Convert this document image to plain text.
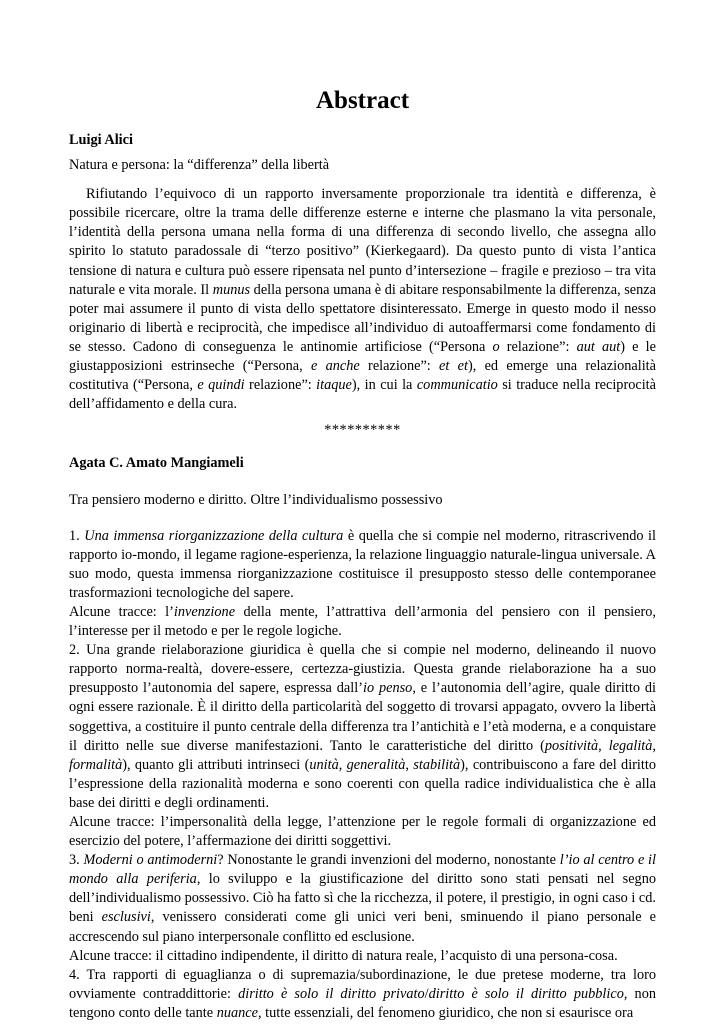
Abstract
Luigi Alici
Natura e persona: la “differenza” della libertà

Rifiutando l’equivoco di un rapporto inversamente proporzionale tra identità e differenza, è possibile ricercare, oltre la trama delle differenze esterne e interne che plasmano la vita personale, l’identità della persona umana nella forma di una differenza di secondo livello, che assegna allo spirito lo statuto paradossale di “terzo positivo” (Kierkegaard). Da questo punto di vista l’antica tensione di natura e cultura può essere ripensata nel punto d’intersezione – fragile e prezioso – tra vita naturale e vita morale. Il munus della persona umana è di abitare responsabilmente la differenza, senza poter mai assumere il punto di vista dello spettatore disinteressato. Emerge in questo modo il nesso originario di libertà e reciprocità, che impedisce all’individuo di autoaffermarsi come fondamento di se stesso. Cadono di conseguenza le antinomie artificiose (“Persona o relazione”: aut aut) e le giustapposizioni estrinseche (“Persona, e anche relazione”: et et), ed emerge una relazionalità costitutiva (“Persona, e quindi relazione”: itaque), in cui la communicatio si traduce nella reciprocità dell’affidamento e della cura.

**********
Agata C. Amato Mangiameli
Tra pensiero moderno e diritto. Oltre l’individualismo possessivo

1. Una immensa riorganizzazione della cultura è quella che si compie nel moderno, ritrascrivendo il rapporto io-mondo, il legame ragione-esperienza, la relazione linguaggio naturale-lingua universale. A suo modo, questa immensa riorganizzazione costituisce il presupposto stesso delle contemporanee trasformazioni tecnologiche del sapere.

Alcune tracce: l’invenzione della mente, l’attrattiva dell’armonia del pensiero con il pensiero, l’interesse per il metodo e per le regole logiche.

2. Una grande rielaborazione giuridica è quella che si compie nel moderno, delineando il nuovo rapporto norma-realtà, dovere-essere, certezza-giustizia. Questa grande rielaborazione ha a suo presupposto l’autonomia del sapere, espressa dall’io penso, e l’autonomia dell’agire, quale diritto di ogni essere razionale. È il diritto della particolarità del soggetto di trovarsi appagato, ovvero la libertà soggettiva, a costituire il punto centrale della differenza tra l’antichità e l’età moderna, e a conquistare il diritto nelle sue diverse manifestazioni. Tanto le caratteristiche del diritto (positività, legalità, formalità), quanto gli attributi intrinseci (unità, generalità, stabilità), contribuiscono a fare del diritto l’espressione della razionalità moderna e sono coerenti con quella radice individualistica che è alla base dei diritti e degli ordinamenti.

Alcune tracce: l’impersonalità della legge, l’attenzione per le regole formali di organizzazione ed esercizio del potere, l’affermazione dei diritti soggettivi.

3. Moderni o antimoderni? Nonostante le grandi invenzioni del moderno, nonostante l’io al centro e il mondo alla periferia, lo sviluppo e la giustificazione del diritto sono stati pensati nel segno dell’individualismo possessivo. Ciò ha fatto sì che la ricchezza, il potere, il prestigio, in ogni caso i cd. beni esclusivi, venissero considerati come gli unici veri beni, sminuendo il piano personale e accrescendo sul piano interpersonale conflitto ed esclusione.

Alcune tracce: il cittadino indipendente, il diritto di natura reale, l’acquisto di una persona-cosa.

4. Tra rapporti di eguaglianza o di supremazia/subordinazione, le due pretese moderne, tra loro ovviamente contraddittorie: diritto è solo il diritto privato/diritto è solo il diritto pubblico, non tengono conto delle tante nuance, tutte essenziali, del fenomeno giuridico, che non si esaurisce ora
